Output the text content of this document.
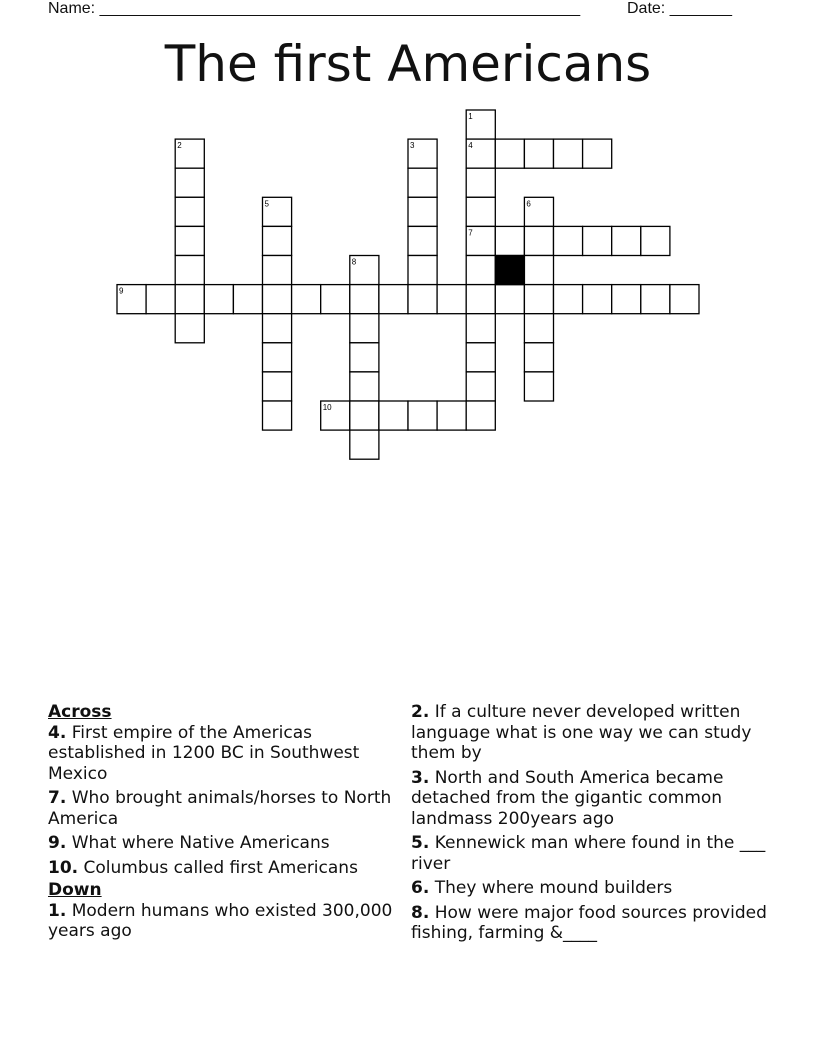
Name: ______________________________________________________	Date: _______
The first Americans
1
2	3	4
5	6
7
8
9
10

Across

4. First empire of the Americas established in 1200 BC in Southwest Mexico

7. Who brought animals/horses to North America

9. What where Native Americans

10. Columbus called first Americans

Down

1. Modern humans who existed 300,000 years ago

2. If a culture never developed written language what is one way we can study them by

3. North and South America became detached from the gigantic common landmass 200years ago

5. Kennewick man where found in the ___ river

6. They where mound builders

8. How were major food sources provided fishing, farming &____
